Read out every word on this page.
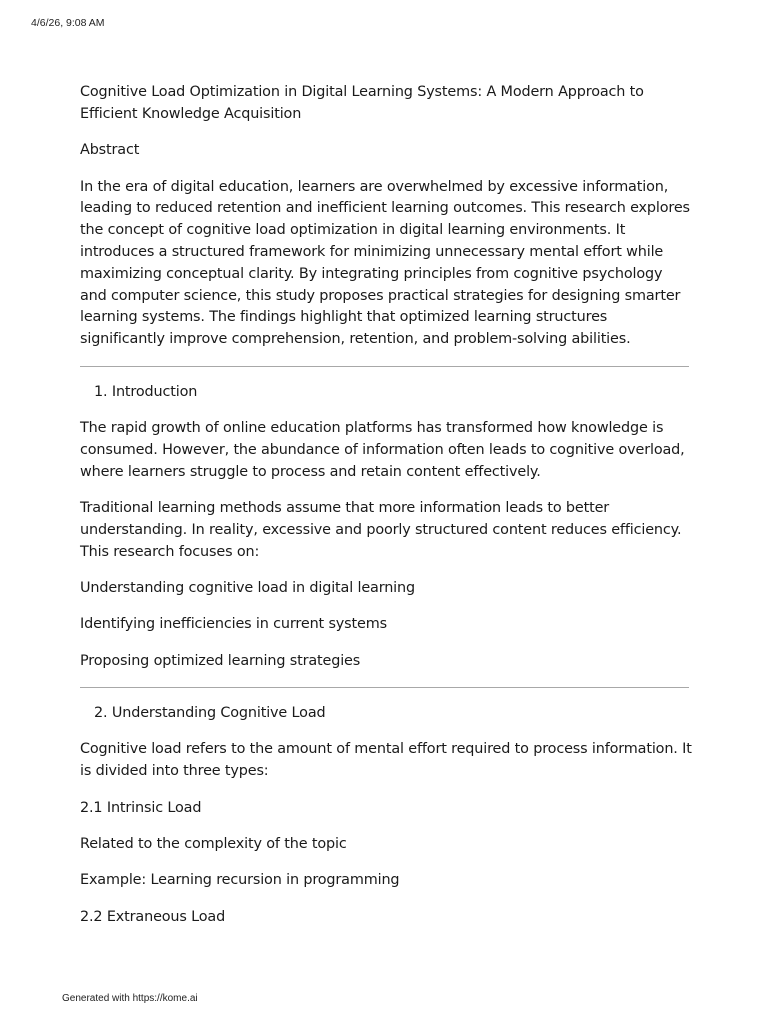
4/6/26, 9:08 AM

Cognitive Load Optimization in Digital Learning Systems: A Modern Approach to Efficient Knowledge Acquisition

Abstract

In the era of digital education, learners are overwhelmed by excessive information, leading to reduced retention and inefficient learning outcomes. This research explores the concept of cognitive load optimization in digital learning environments. It introduces a structured framework for minimizing unnecessary mental effort while maximizing conceptual clarity. By integrating principles from cognitive psychology and computer science, this study proposes practical strategies for designing smarter learning systems. The findings highlight that optimized learning structures significantly improve comprehension, retention, and problem-solving abilities.

1. Introduction

The rapid growth of online education platforms has transformed how knowledge is consumed. However, the abundance of information often leads to cognitive overload, where learners struggle to process and retain content effectively.

Traditional learning methods assume that more information leads to better understanding. In reality, excessive and poorly structured content reduces efficiency. This research focuses on:

Understanding cognitive load in digital learning

Identifying inefficiencies in current systems

Proposing optimized learning strategies

2. Understanding Cognitive Load

Cognitive load refers to the amount of mental effort required to process information. It is divided into three types:

2.1 Intrinsic Load

Related to the complexity of the topic

Example: Learning recursion in programming

2.2 Extraneous Load

Generated with https://kome.ai
